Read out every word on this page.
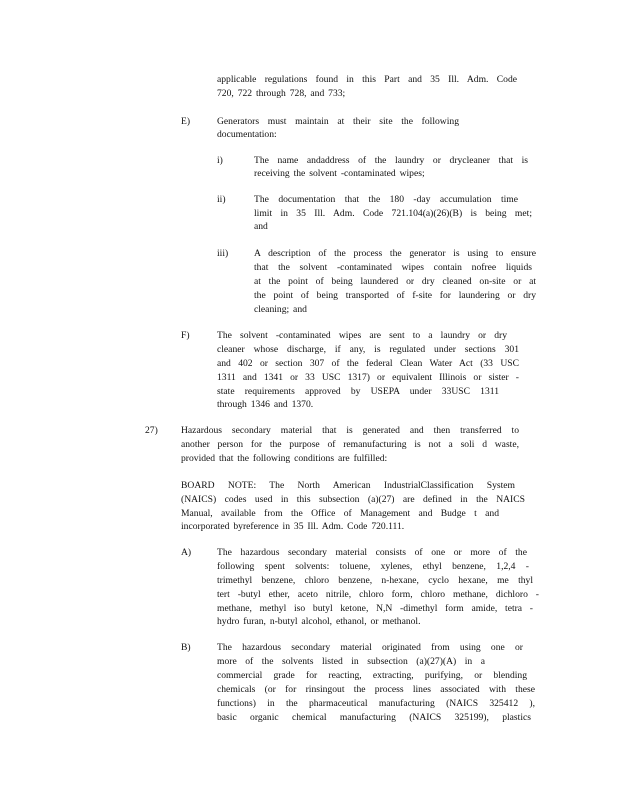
applicable regulations found in this Part and 35 Ill. Adm. Code
720, 722 through 728, and 733;
E)	Generators must maintain at their site the following
documentation:
i)	The name andaddress of the laundry or drycleaner that is
receiving the solvent -contaminated wipes;
ii)	The documentation that the 180 -day accumulation time
limit in 35 Ill. Adm. Code 721.104(a)(26)(B) is being met;
and
iii)	A description of the process the generator is using to ensure
that the solvent -contaminated wipes contain nofree liquids
at the point of being laundered or dry cleaned on-site or at
the point of being transported of f-site for laundering or dry
cleaning; and
F)	The solvent -contaminated wipes are sent to a laundry or dry
cleaner whose discharge, if any, is regulated under sections 301
and 402 or section 307 of the federal Clean Water Act (33 USC
1311 and 1341 or 33 USC 1317) or equivalent Illinois or sister -
state requirements approved by USEPA under 33USC 1311
through 1346 and 1370.
27) Hazardous secondary material that is generated and then transferred to
another person for the purpose of remanufacturing is not a soli d waste,
provided that the following conditions are fulfilled:
BOARD NOTE: The North American IndustrialClassification System
(NAICS) codes used in this subsection (a)(27) are defined in the NAICS
Manual, available from the Office of Management and Budge t and
incorporated byreference in 35 Ill. Adm. Code 720.111.
A)	The hazardous secondary material consists of one or more of the
following spent solvents: toluene, xylenes, ethyl benzene, 1,2,4 -
trimethyl benzene, chloro benzene, n-hexane, cyclo hexane, me thyl
tert -butyl ether, aceto nitrile, chloro form, chloro methane, dichloro -
methane, methyl iso butyl ketone, N,N -dimethyl form amide, tetra -
hydro furan, n-butyl alcohol, ethanol, or methanol.
B)	The hazardous secondary material originated from using one or
more of the solvents listed in subsection (a)(27)(A) in a
commercial grade for reacting, extracting, purifying, or blending
chemicals (or for rinsingout the process lines associated with these
functions) in the pharmaceutical manufacturing (NAICS 325412 ),
basic organic chemical manufacturing (NAICS 325199), plastics
